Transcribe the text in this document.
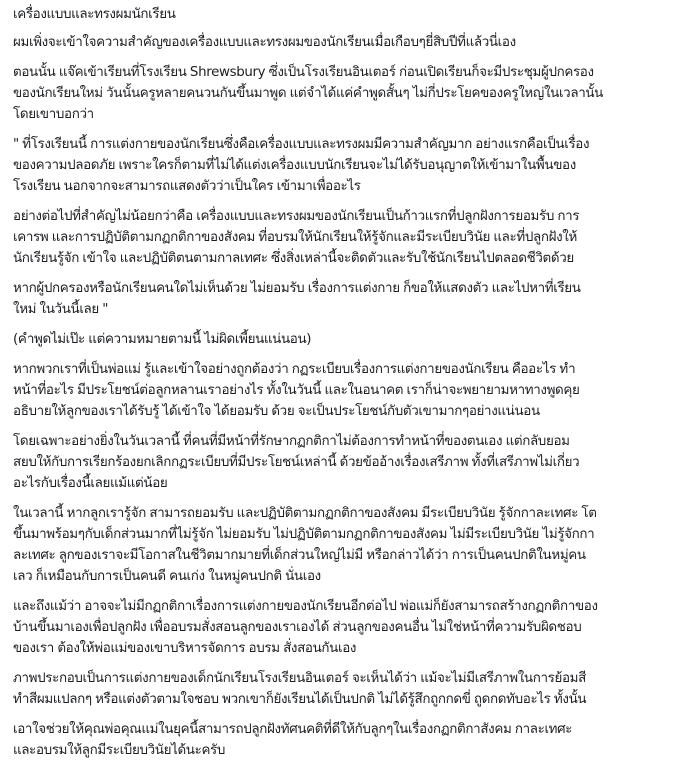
เครื่องแบบและทรงผมนักเรียน

ผมเพิ่งจะเข้าใจความสำคัญของเครื่องแบบและทรงผมของนักเรียนเมื่อเกือบๆยี่สิบปีที่แล้วนี่เอง

ตอนนั้น แจ๊คเข้าเรียนที่โรงเรียน Shrewsbury ซึ่งเป็นโรงเรียนอินเตอร์ ก่อนเปิดเรียนก็จะมีประชุมผู้ปกครอง
ของนักเรียนใหม่ วันนั้นครูหลายคนวนกันขึ้นมาพูด แต่จำได้แค่คำพูดสั้นๆ ไม่กี่ประโยคของครูใหญ่ในเวลานั้น
โดยเขาบอกว่า

" ที่โรงเรียนนี้ การแต่งกายของนักเรียนซึ่งคือเครื่องแบบและทรงผมมีความสำคัญมาก อย่างแรกคือเป็นเรื่อง
ของความปลอดภัย เพราะใครก็ตามที่ไม่ได้แต่งเครื่องแบบนักเรียนจะไม่ได้รับอนุญาตให้เข้ามาในพื้นของ
โรงเรียน นอกจากจะสามารถแสดงตัวว่าเป็นใคร เข้ามาเพื่ออะไร

อย่างต่อไปที่สำคัญไม่น้อยกว่าคือ เครื่องแบบและทรงผมของนักเรียนเป็นก้าวแรกที่ปลูกฝังการยอมรับ การ
เคารพ และการปฏิบัติตามกฏกติกาของสังคม ที่อบรมให้นักเรียนให้รู้จักและมีระเบียบวินัย และที่ปลูกฝังให้
นักเรียนรู้จัก เข้าใจ และปฏิบัติตนตามกาลเทศะ ซึ่งสิ่งเหล่านี้จะติดตัวและรับใช้นักเรียนไปตลอดชีวิตด้วย

หากผู้ปกครองหรือนักเรียนคนใดไม่เห็นด้วย ไม่ยอมรับ เรื่องการแต่งกาย ก็ขอให้แสดงตัว และไปหาที่เรียน
ใหม่ ในวันนี้เลย "

(คำพูดไม่เป๊ะ แต่ความหมายตามนี้ ไม่ผิดเพี้ยนแน่นอน)

หากพวกเราที่เป็นพ่อแม่ รู้และเข้าใจอย่างถูกต้องว่า กฏระเบียบเรื่องการแต่งกายของนักเรียน คืออะไร ทำ
หน้าที่อะไร มีประโยชน์ต่อลูกหลานเราอย่างไร ทั้งในวันนี้ และในอนาคต เราก็น่าจะพยายามหาทางพูดคุย
อธิบายให้ลูกของเราได้รับรู้ ได้เข้าใจ ได้ยอมรับ ด้วย จะเป็นประโยชน์กับตัวเขามากๆอย่างแน่นอน

โดยเฉพาะอย่างยิ่งในวันเวลานี้ ที่คนที่มีหน้าที่รักษากฏกติกาไม่ต้องการทำหน้าที่ของตนเอง แต่กลับยอม
สยบให้กับการเรียกร้องยกเลิกกฏระเบียบที่มีประโยชน์เหล่านี้ ด้วยข้ออ้างเรื่องเสรีภาพ ทั้งที่เสรีภาพไม่เกี่ยว
อะไรกับเรื่องนี้เลยแม้แต่น้อย

ในเวลานี้ หากลูกเรารู้จัก สามารถยอมรับ และปฏิบัติตามกฏกติกาของสังคม มีระเบียบวินัย รู้จักกาละเทศะ โต
ขึ้นมาพร้อมๆกับเด็กส่วนมากที่ไม่รู้จัก ไม่ยอมรับ ไม่ปฏิบัติตามกฏกติกาของสังคม ไม่มีระเบียบวินัย ไม่รู้จักกา
ละเทศะ ลูกของเราจะมีโอกาสในชีวิตมากมายที่เด็กส่วนใหญ่ไม่มี หรือกล่าวได้ว่า การเป็นคนปกติในหมู่คน
เลว ก็เหมือนกับการเป็นคนดี คนเก่ง ในหมู่คนปกติ นั่นเอง

และถึงแม้ว่า อาจจะไม่มีกฏกติกาเรื่องการแต่งกายของนักเรียนอีกต่อไป พ่อแม่ก็ยังสามารถสร้างกฏกติกาของ
บ้านขึ้นมาเองเพื่อปลูกฝัง เพื่ออบรมสั่งสอนลูกของเราเองได้ ส่วนลูกของคนอื่น ไม่ใช่หน้าที่ความรับผิดชอบ
ของเรา ต้องให้พ่อแม่ของเขาบริหารจัดการ อบรม สั่งสอนกันเอง

ภาพประกอบเป็นการแต่งกายของเด็กนักเรียนโรงเรียนอินเตอร์ จะเห็นได้ว่า แม้จะไม่มีเสรีภาพในการย้อมสี
ทำสีผมแปลกๆ หรือแต่งตัวตามใจชอบ พวกเขาก็ยังเรียนได้เป็นปกติ ไม่ได้รู้สึกถูกกดขี่ ถูดกดทับอะไร ทั้งนั้น

เอาใจช่วยให้คุณพ่อคุณแม่ในยุคนี้สามารถปลูกฝังทัศนคติที่ดีให้กับลูกๆในเรื่องกฏกติกาสังคม กาละเทศะ
และอบรมให้ลูกมีระเบียบวินัยได้นะครับ
